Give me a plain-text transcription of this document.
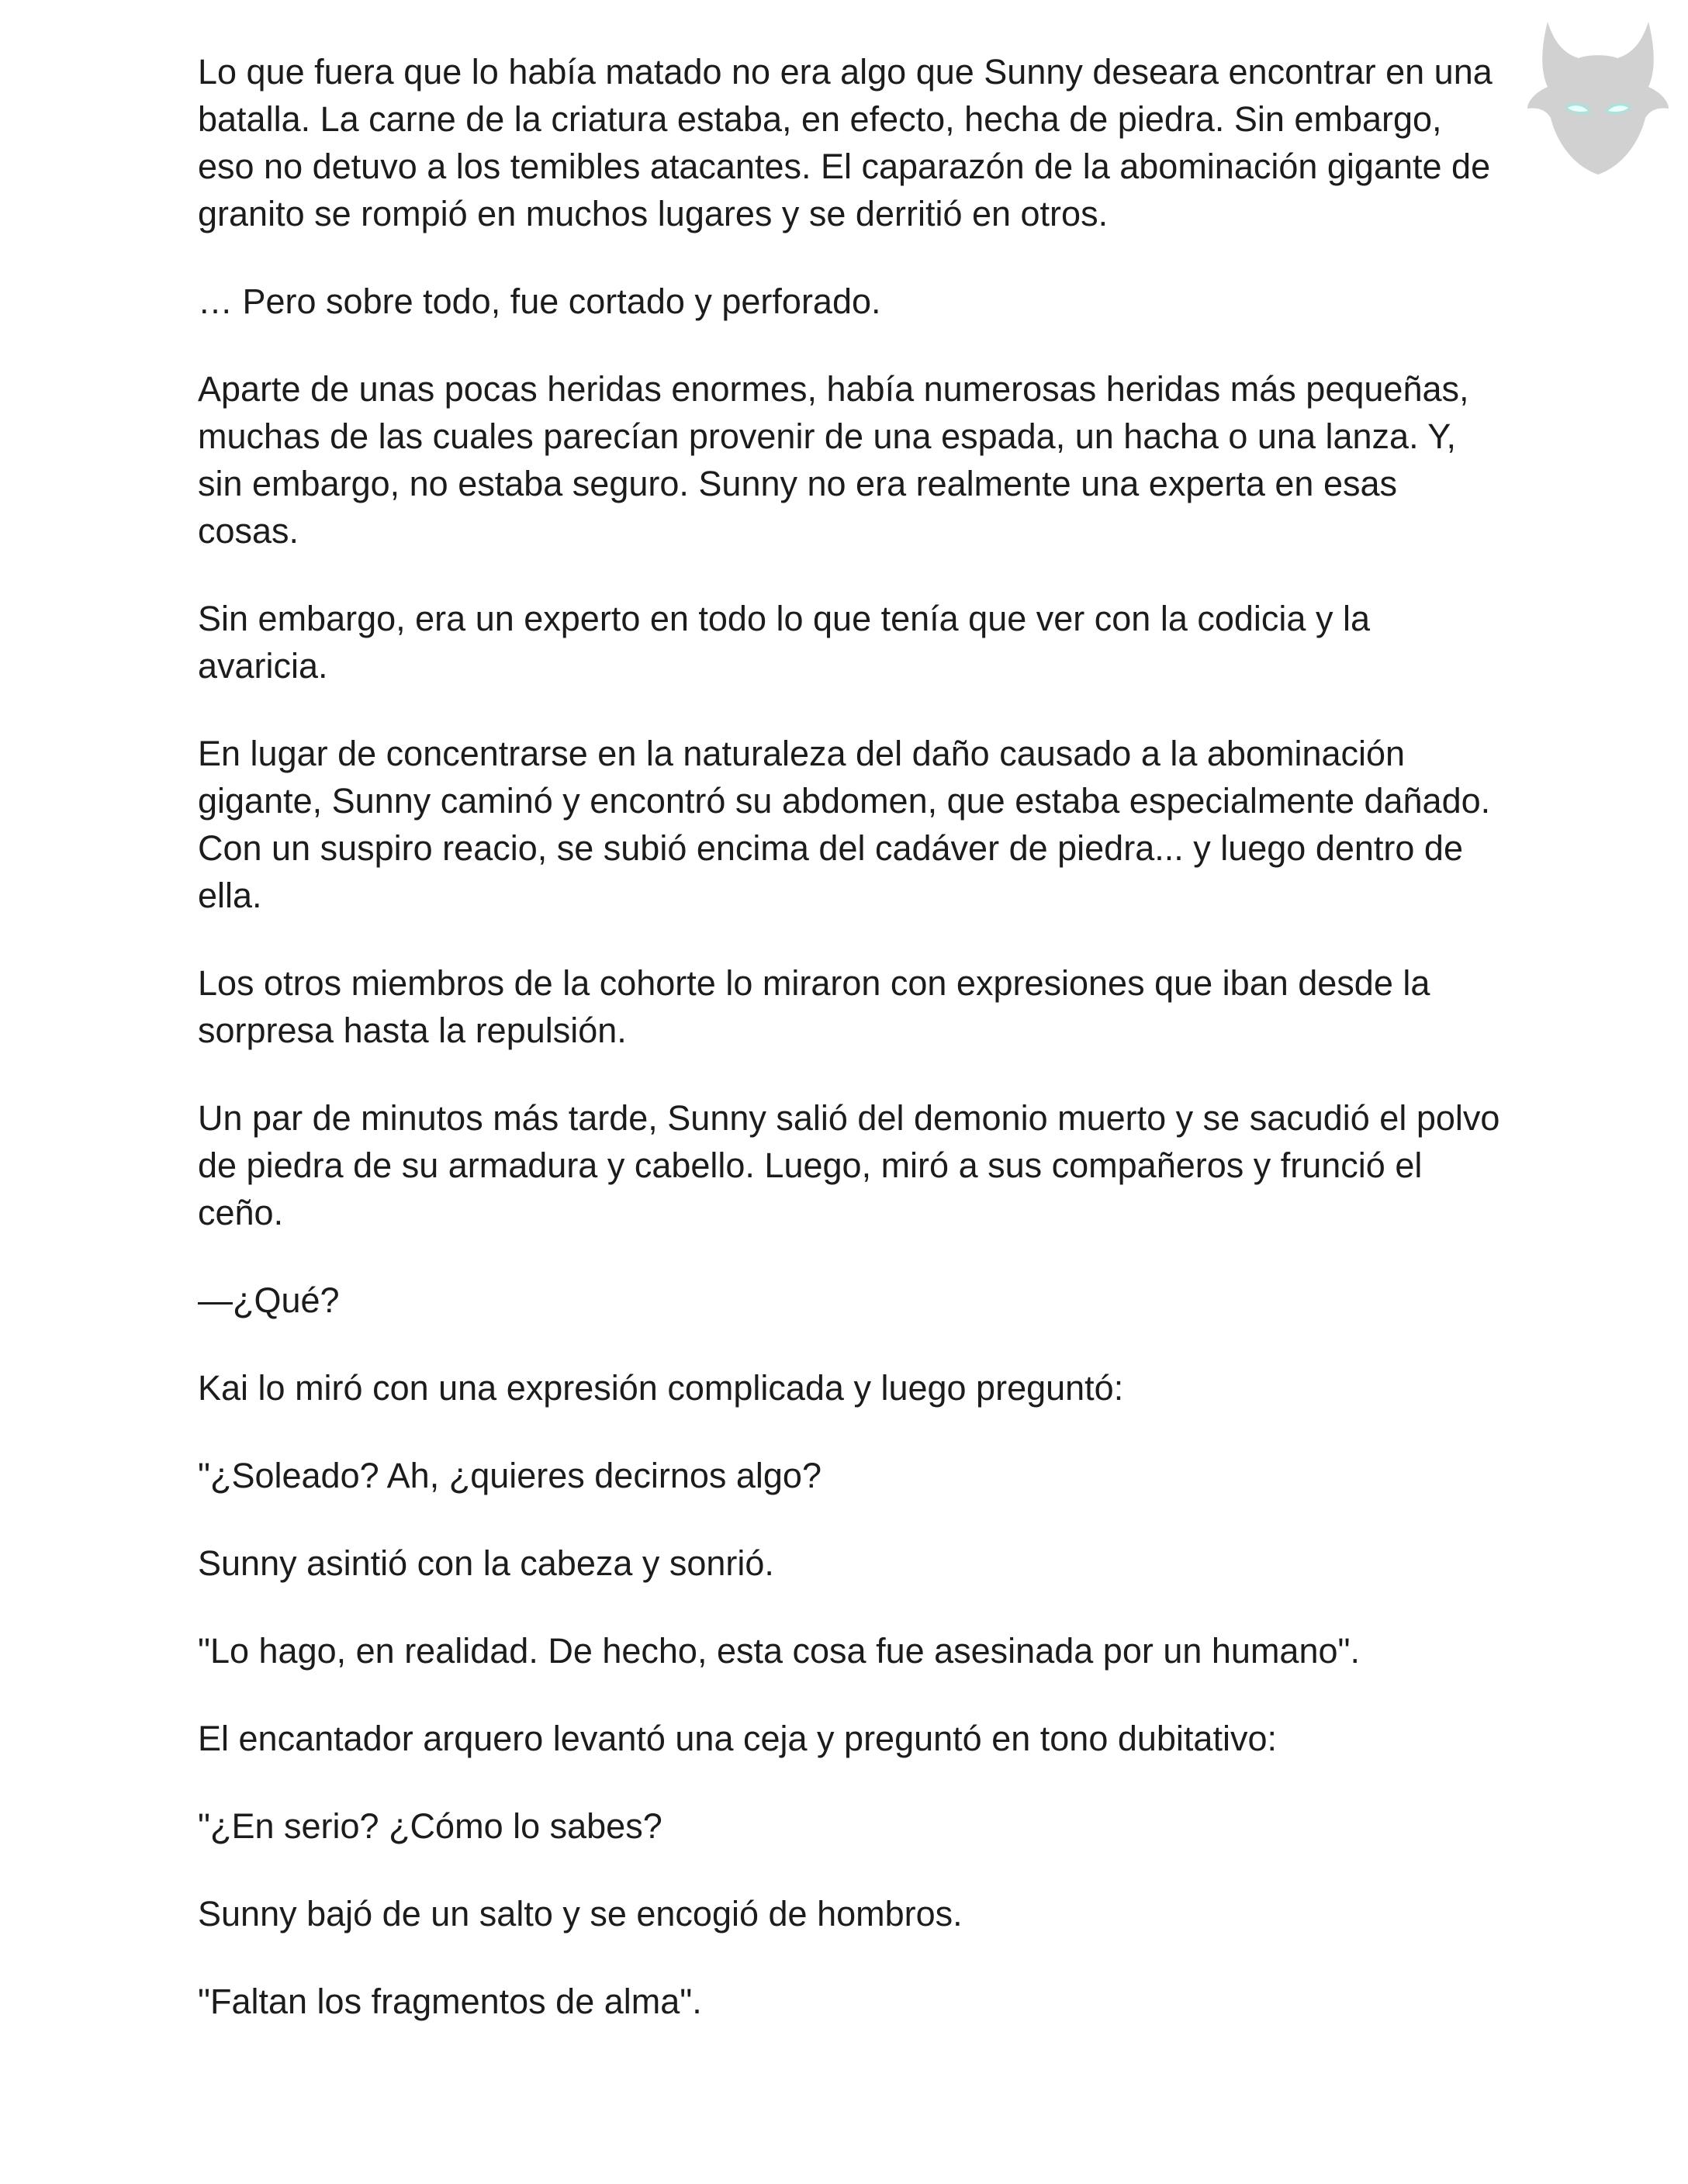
Lo que fuera que lo había matado no era algo que Sunny deseara encontrar en una batalla. La carne de la criatura estaba, en efecto, hecha de piedra. Sin embargo, eso no detuvo a los temibles atacantes. El caparazón de la abominación gigante de granito se rompió en muchos lugares y se derritió en otros.

… Pero sobre todo, fue cortado y perforado.

Aparte de unas pocas heridas enormes, había numerosas heridas más pequeñas, muchas de las cuales parecían provenir de una espada, un hacha o una lanza. Y, sin embargo, no estaba seguro. Sunny no era realmente una experta en esas cosas.

Sin embargo, era un experto en todo lo que tenía que ver con la codicia y la avaricia.

En lugar de concentrarse en la naturaleza del daño causado a la abominación gigante, Sunny caminó y encontró su abdomen, que estaba especialmente dañado. Con un suspiro reacio, se subió encima del cadáver de piedra... y luego dentro de ella.

Los otros miembros de la cohorte lo miraron con expresiones que iban desde la sorpresa hasta la repulsión.

Un par de minutos más tarde, Sunny salió del demonio muerto y se sacudió el polvo de piedra de su armadura y cabello. Luego, miró a sus compañeros y frunció el ceño.

—¿Qué?

Kai lo miró con una expresión complicada y luego preguntó:

"¿Soleado? Ah, ¿quieres decirnos algo?

Sunny asintió con la cabeza y sonrió.

"Lo hago, en realidad. De hecho, esta cosa fue asesinada por un humano".

El encantador arquero levantó una ceja y preguntó en tono dubitativo:

"¿En serio? ¿Cómo lo sabes?

Sunny bajó de un salto y se encogió de hombros.

"Faltan los fragmentos de alma".
